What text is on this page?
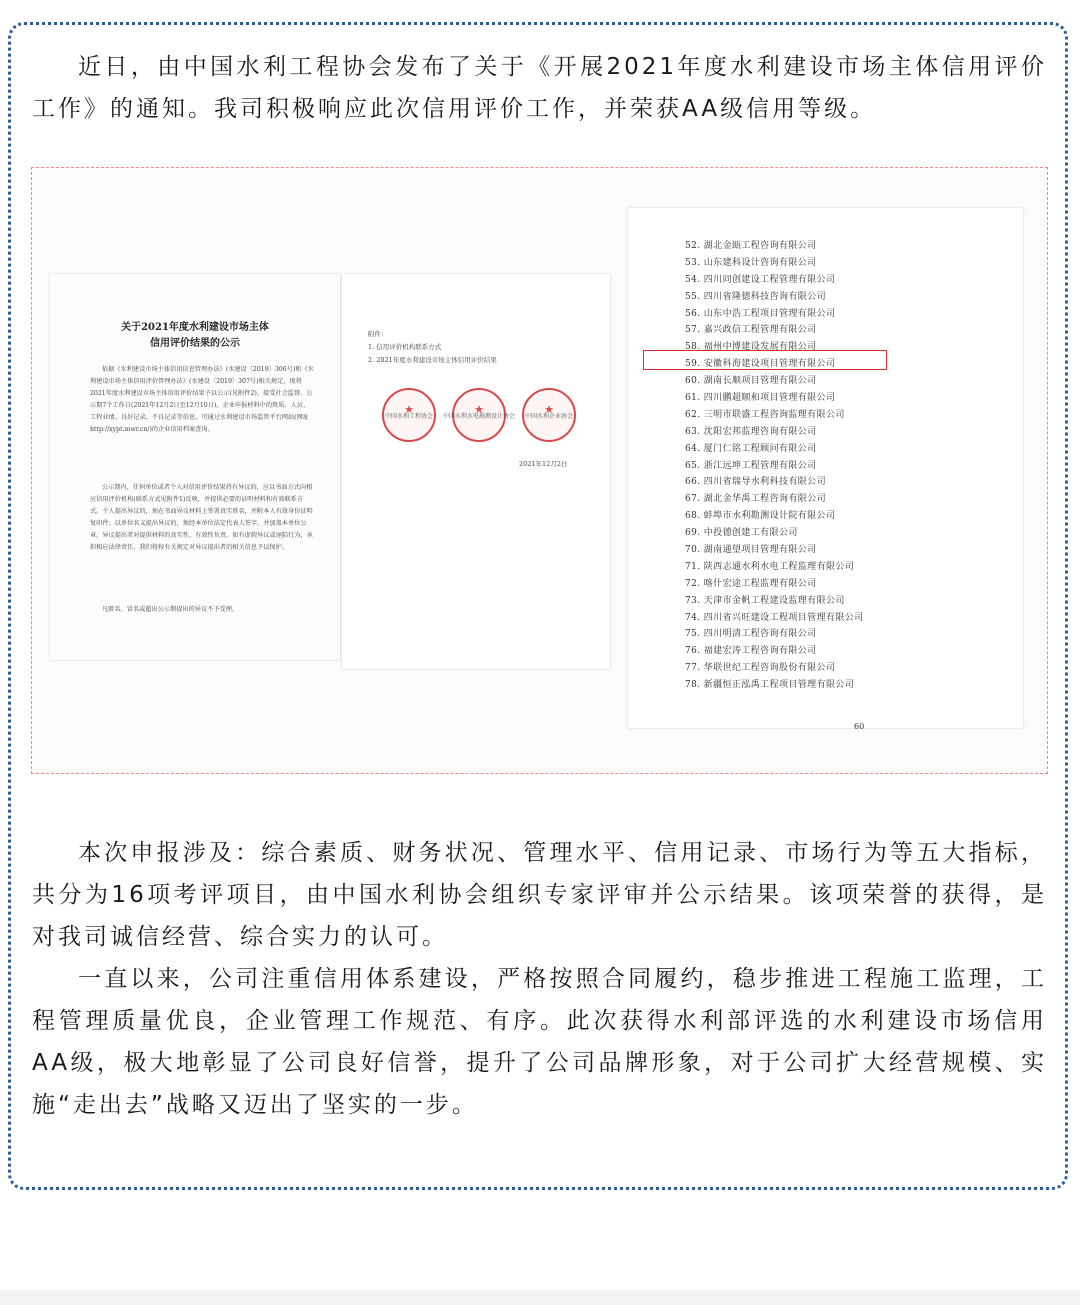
近日，由中国水利工程协会发布了关于《开展2021年度水利建设市场主体信用评价工作》的通知。我司积极响应此次信用评价工作，并荣获AA级信用等级。

关于2021年度水利建设市场主体
信用评价结果的公示

依据《水利建设市场主体信用信息管理办法》(水建设〔2019〕306号)和《水利建设市场主体信用评价管理办法》(水建设〔2019〕307号)相关规定，现将2021年度水利建设市场主体信用评价结果予以公示(见附件2)，接受社会监督。公示期7个工作日(2021年12月2日至12月10日)。企业申报材料中的资质、人员、工程业绩、良好记录、不良记录等信息，可通过水利建设市场监管平台网站(网址http://xypt.mwr.cn/)的企业信用档案查询。

公示期内，任何单位或者个人对信用评价结果持有异议的，应以书面方式向相应信用评价机构(联系方式见附件1)反映，并提供必要的证明材料和有效联系方式。个人提出异议的，须在书面异议材料上签署真实姓名，并附本人有效身份证明复印件；以单位名义提出异议的，须经本单位法定代表人签字，并加盖本单位公章。异议提出者对提供材料的真实性、有效性负责。如有虚假异议或诬陷行为，承担相应法律责任。我们将按有关规定对异议提出者的相关信息予以保护。

凡匿名、冒名或超出公示期提出的异议不予受理。

附件：
1. 信用评价机构联系方式
2. 2021年度水利建设市场主体信用评价结果
★	★	★
中国水利工程协会	中国水利水电勘测设计协会	中国水利企业协会
2021年12月2日
52. 湖北金瓯工程咨询有限公司
53. 山东建科设计咨询有限公司
54. 四川同创建设工程管理有限公司
55. 四川省隆德科技咨询有限公司
56. 山东中浩工程项目管理有限公司
57. 嘉兴政信工程管理有限公司
58. 福州中博建设发展有限公司
59. 安徽科海建设项目管理有限公司
60. 湖南长顺项目管理有限公司
61. 四川鹏超顺和项目管理有限公司
62. 三明市联盛工程咨询监理有限公司
63. 沈阳宏邦监理咨询有限公司
64. 厦门仁铭工程顾问有限公司
65. 浙江远坤工程管理有限公司
66. 四川省瑞导水利科技有限公司
67. 湖北金华禹工程咨询有限公司
68. 蚌埠市水利勘测设计院有限公司
69. 中投德创建工有限公司
70. 湖南通望项目管理有限公司
71. 陕西志通水利水电工程监理有限公司
72. 喀什宏途工程监理有限公司
73. 天津市金帆工程建设监理有限公司
74. 四川省兴旺建设工程项目管理有限公司
75. 四川明清工程咨询有限公司
76. 福建宏涛工程咨询有限公司
77. 华联世纪工程咨询股份有限公司
78. 新疆恒正泓禹工程项目管理有限公司
60

本次申报涉及：综合素质、财务状况、管理水平、信用记录、市场行为等五大指标，共分为16项考评项目，由中国水利协会组织专家评审并公示结果。该项荣誉的获得，是对我司诚信经营、综合实力的认可。

一直以来，公司注重信用体系建设，严格按照合同履约，稳步推进工程施工监理，工程管理质量优良，企业管理工作规范、有序。此次获得水利部评选的水利建设市场信用AA级，极大地彰显了公司良好信誉，提升了公司品牌形象，对于公司扩大经营规模、实施“走出去”战略又迈出了坚实的一步。
